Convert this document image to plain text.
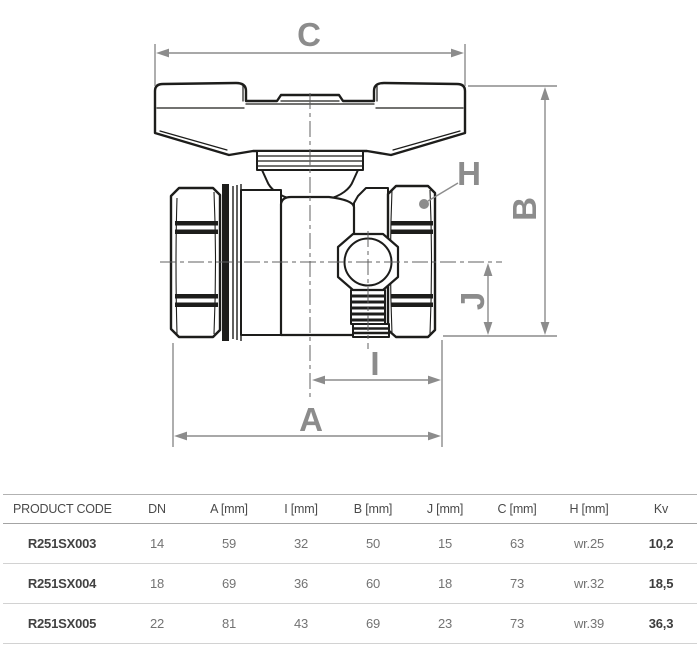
C
B
J
H
I
A
PRODUCT CODE	DN	A [mm]	I [mm]	B [mm]	J [mm]	C [mm]	H [mm]	Kv
R251SX003	14	59	32	50	15	63	wr.25	10,2
R251SX004	18	69	36	60	18	73	wr.32	18,5
R251SX005	22	81	43	69	23	73	wr.39	36,3
